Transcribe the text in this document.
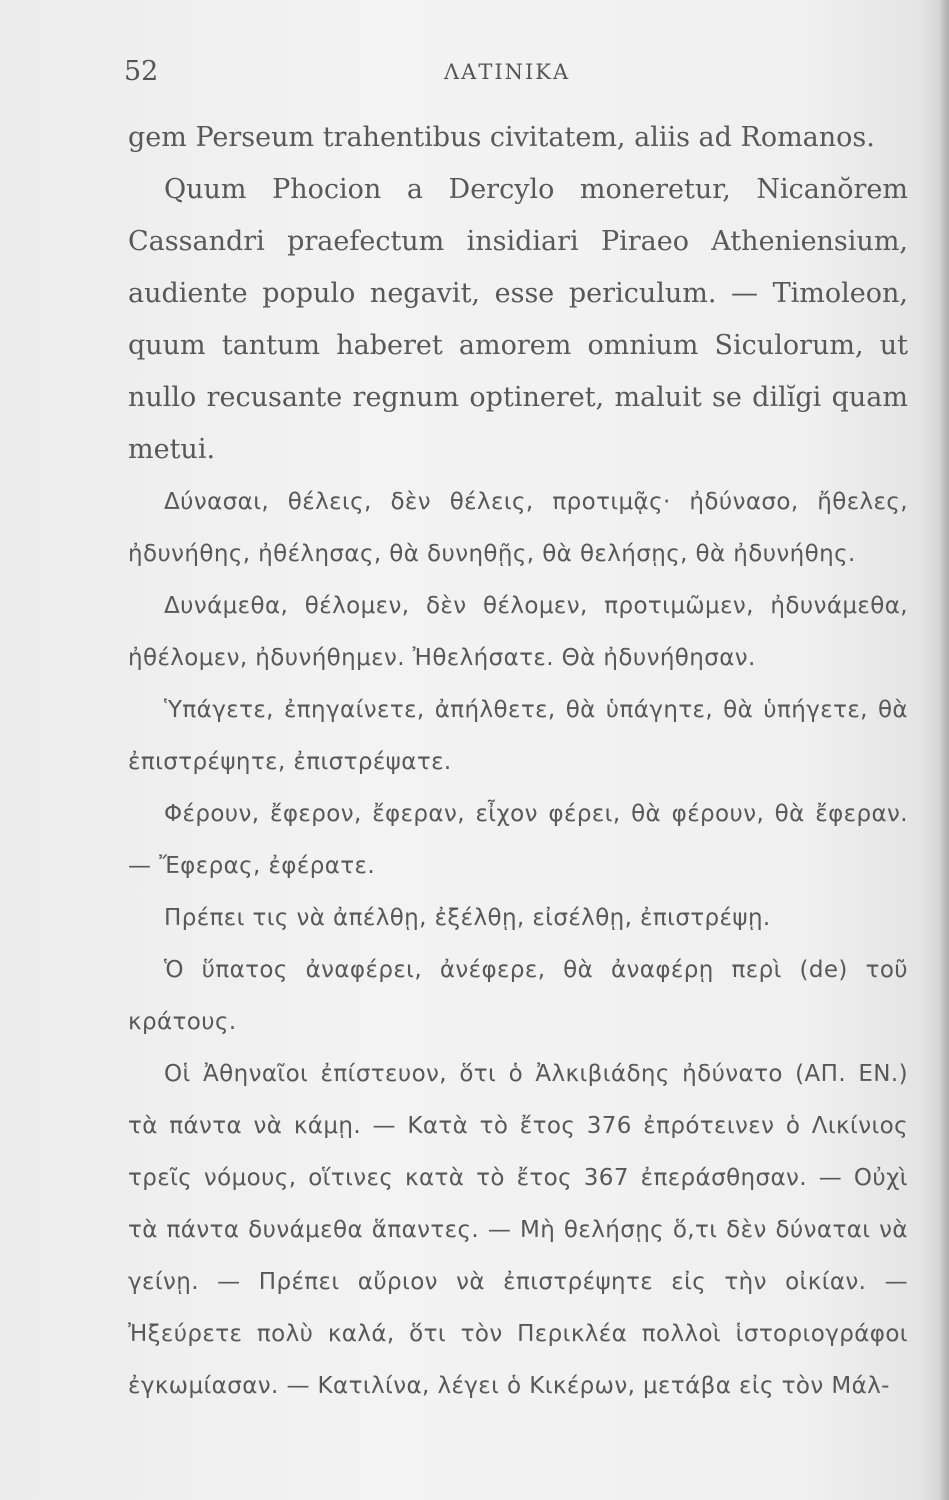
52	ΛΑΤΙΝΙΚΑ

gem Perseum trahentibus civitatem, aliis ad Romanos.

Quum Phocion a Dercylo moneretur, Nicanŏrem Cassandri praefectum insidiari Piraeo Atheniensium, audiente populo negavit, esse periculum. — Timoleon, quum tantum haberet amorem omnium Siculorum, ut nullo recusante regnum optineret, maluit se dilĭgi quam metui.

Δύνασαι, θέλεις, δὲν θέλεις, προτιμᾷς· ἠδύνασο, ἤθελες, ἠδυνήθης, ἠθέλησας, θὰ δυνηθῇς, θὰ θελήσῃς, θὰ ἠδυνήθης.

Δυνάμεθα, θέλομεν, δὲν θέλομεν, προτιμῶμεν, ἠδυνάμεθα, ἠθέλομεν, ἠδυνήθημεν. Ἠθελήσατε. Θὰ ἠδυνήθησαν.

Ὑπάγετε, ἐπηγαίνετε, ἀπήλθετε, θὰ ὑπάγητε, θὰ ὑπήγετε, θὰ ἐπιστρέψητε, ἐπιστρέψατε.

Φέρουν, ἔφερον, ἔφεραν, εἶχον φέρει, θὰ φέρουν, θὰ ἔφεραν. — Ἔφερας, ἐφέρατε.

Πρέπει τις νὰ ἀπέλθῃ, ἐξέλθῃ, εἰσέλθῃ, ἐπιστρέψῃ.

Ὁ ὕπατος ἀναφέρει, ἀνέφερε, θὰ ἀναφέρῃ περὶ (de) τοῦ κράτους.

Οἱ Ἀθηναῖοι ἐπίστευον, ὅτι ὁ Ἀλκιβιάδης ἠδύνατο (ΑΠ. ΕΝ.) τὰ πάντα νὰ κάμῃ. — Κατὰ τὸ ἔτος 376 ἐπρότεινεν ὁ Λικίνιος τρεῖς νόμους, οἵτινες κατὰ τὸ ἔτος 367 ἐπεράσθησαν. — Οὐχὶ τὰ πάντα δυνάμεθα ἅπαντες. — Μὴ θελήσῃς ὅ,τι δὲν δύναται νὰ γείνῃ. — Πρέπει αὔριον νὰ ἐπιστρέψητε εἰς τὴν οἰκίαν. — Ἠξεύρετε πολὺ καλά, ὅτι τὸν Περικλέα πολλοὶ ἱστοριογράφοι ἐγκωμίασαν. — Κατιλίνα, λέγει ὁ Κικέρων, μετάβα εἰς τὸν Μάλ-
